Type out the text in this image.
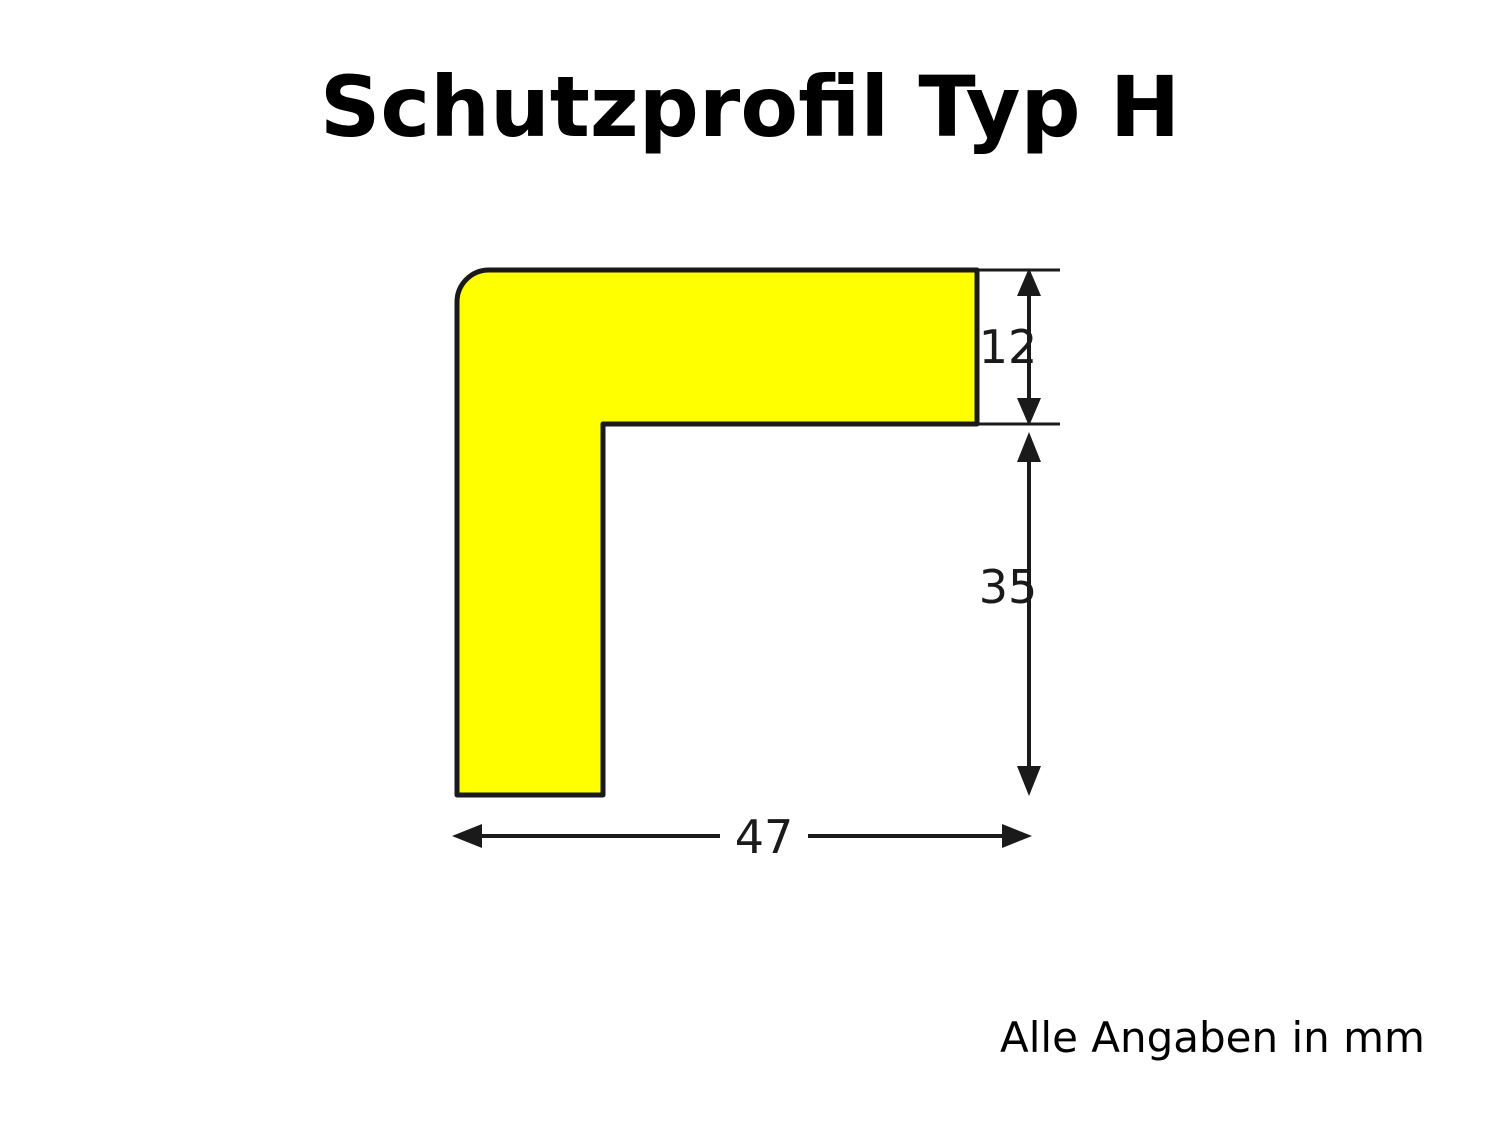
Schutzprofil Typ H
12
35
47
Alle Angaben in mm
